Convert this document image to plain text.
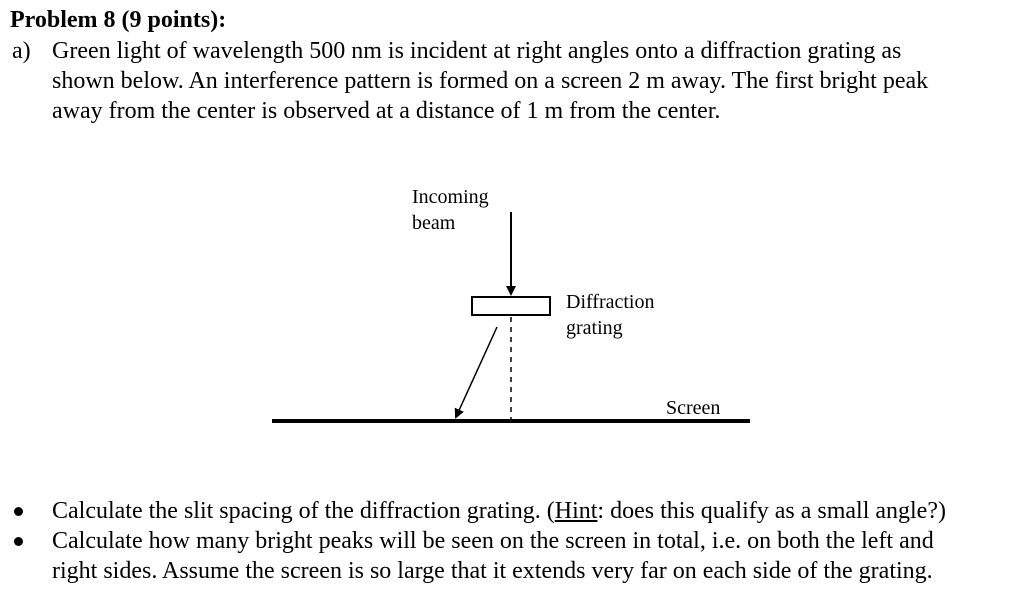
Problem 8 (9 points):
a) Green light of wavelength 500 nm is incident at right angles onto a diffraction grating as
shown below. An interference pattern is formed on a screen 2 m away. The first bright peak
away from the center is observed at a distance of 1 m from the center.
Incoming
beam
Diffraction
grating
Screen
Calculate the slit spacing of the diffraction grating. (Hint: does this qualify as a small angle?)
Calculate how many bright peaks will be seen on the screen in total, i.e. on both the left and
right sides. Assume the screen is so large that it extends very far on each side of the grating.
